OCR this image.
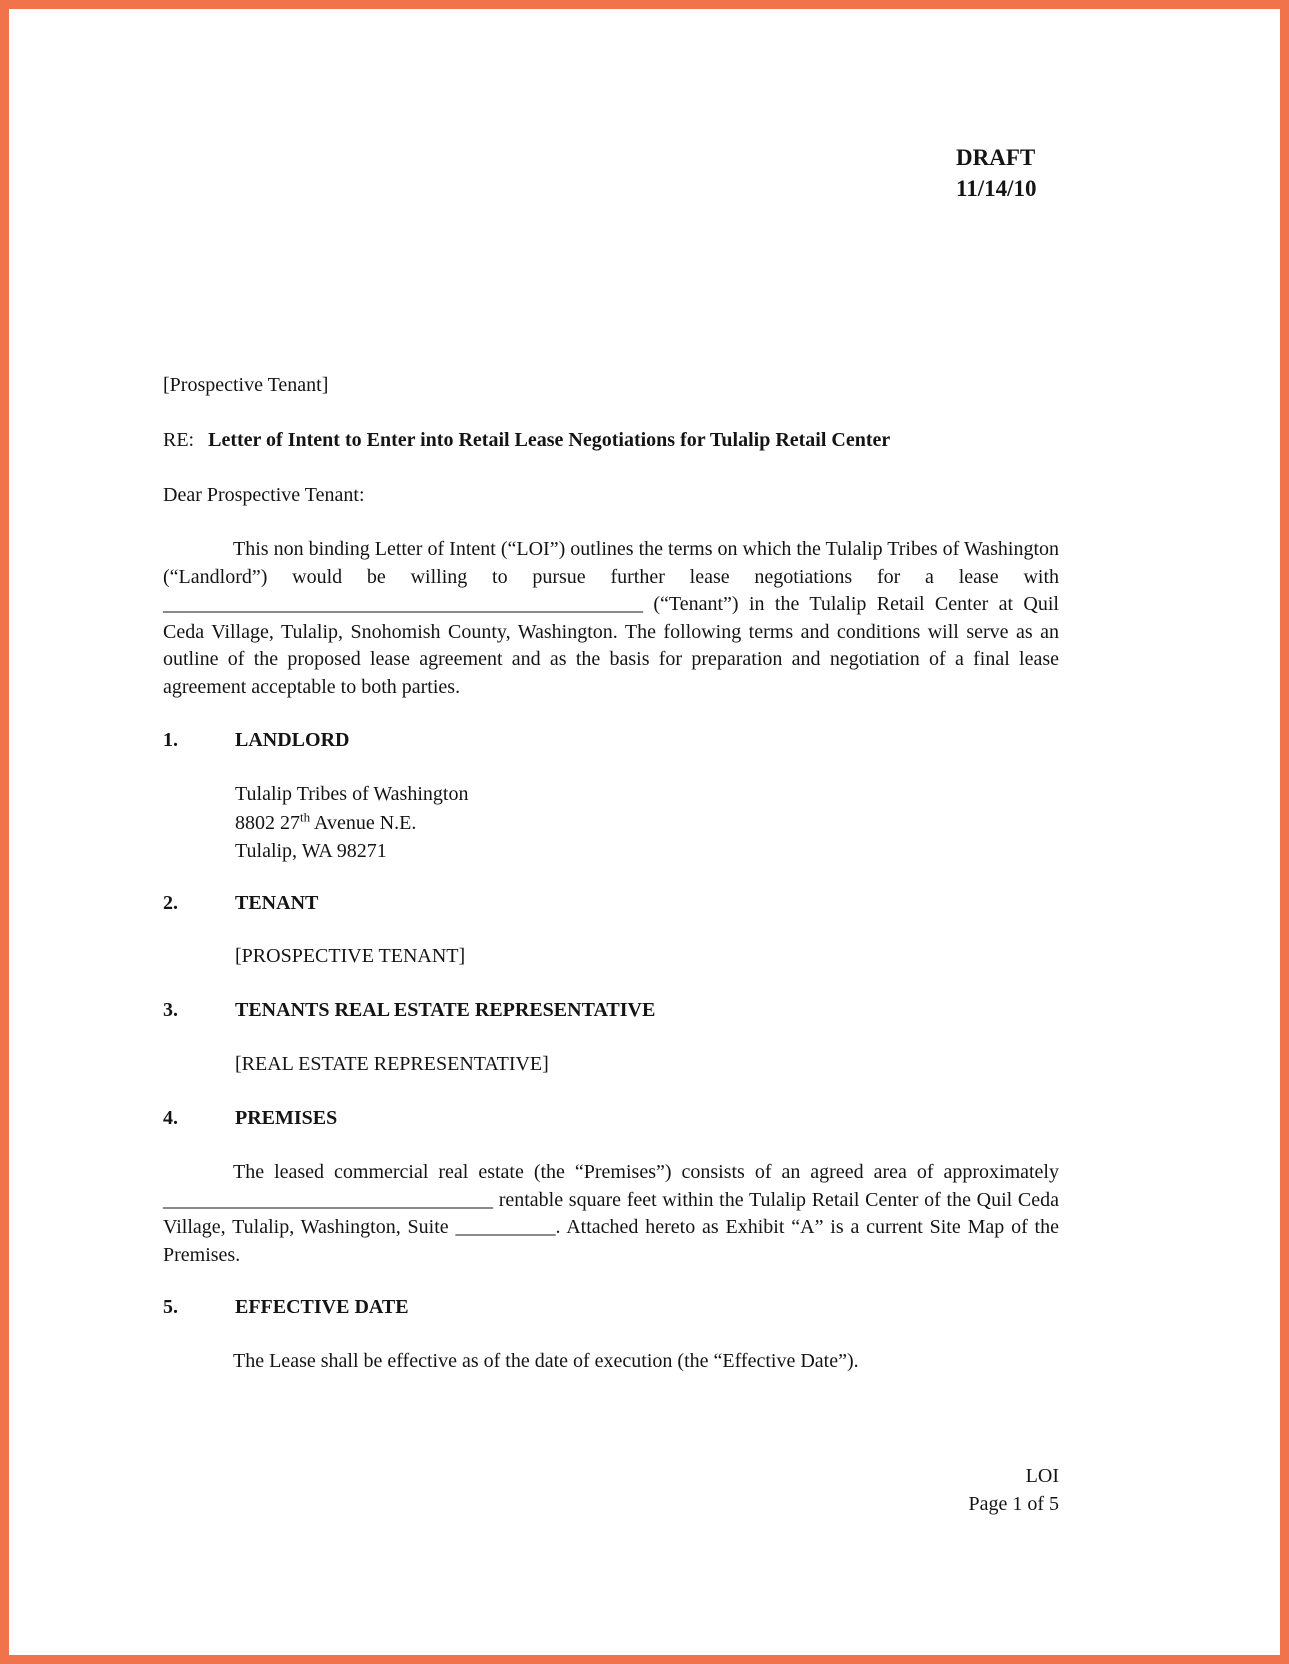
DRAFT
11/14/10
[Prospective Tenant]
RE: Letter of Intent to Enter into Retail Lease Negotiations for Tulalip Retail Center
Dear Prospective Tenant:

This non binding Letter of Intent (“LOI”) outlines the terms on which the Tulalip Tribes of Washington (“Landlord”) would be willing to pursue further lease negotiations for a lease with ________________________________________________ (“Tenant”) in the Tulalip Retail Center at Quil Ceda Village, Tulalip, Snohomish County, Washington. The following terms and conditions will serve as an outline of the proposed lease agreement and as the basis for preparation and negotiation of a final lease agreement acceptable to both parties.

1.	LANDLORD
Tulalip Tribes of Washington
8802 27th Avenue N.E.
Tulalip, WA 98271
2.	TENANT
[PROSPECTIVE TENANT]
3.	TENANTS REAL ESTATE REPRESENTATIVE
[REAL ESTATE REPRESENTATIVE]
4.	PREMISES

The leased commercial real estate (the “Premises”) consists of an agreed area of approximately _________________________________ rentable square feet within the Tulalip Retail Center of the Quil Ceda Village, Tulalip, Washington, Suite __________. Attached hereto as Exhibit “A” is a current Site Map of the Premises.

5.	EFFECTIVE DATE

The Lease shall be effective as of the date of execution (the “Effective Date”).

LOI
Page 1 of 5
